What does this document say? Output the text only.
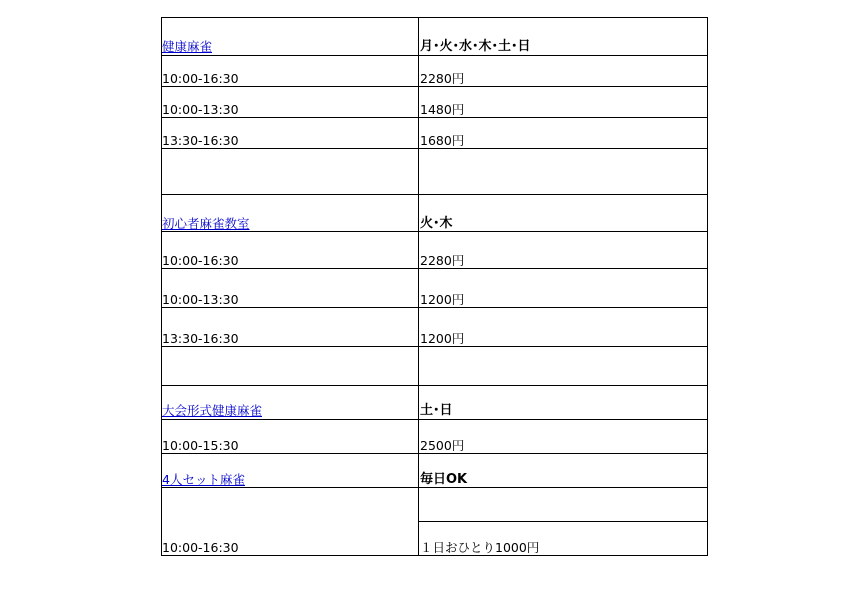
健康麻雀	月･火･水･木･土･日
10:00-16:30	2280円
10:00-13:30	1480円
13:30-16:30	1680円
初心者麻雀教室	火･木
10:00-16:30	2280円
10:00-13:30	1200円
13:30-16:30	1200円
大会形式健康麻雀	土･日
10:00-15:30	2500円
4人セット麻雀	毎日OK
10:00-16:30	１日おひとり1000円
